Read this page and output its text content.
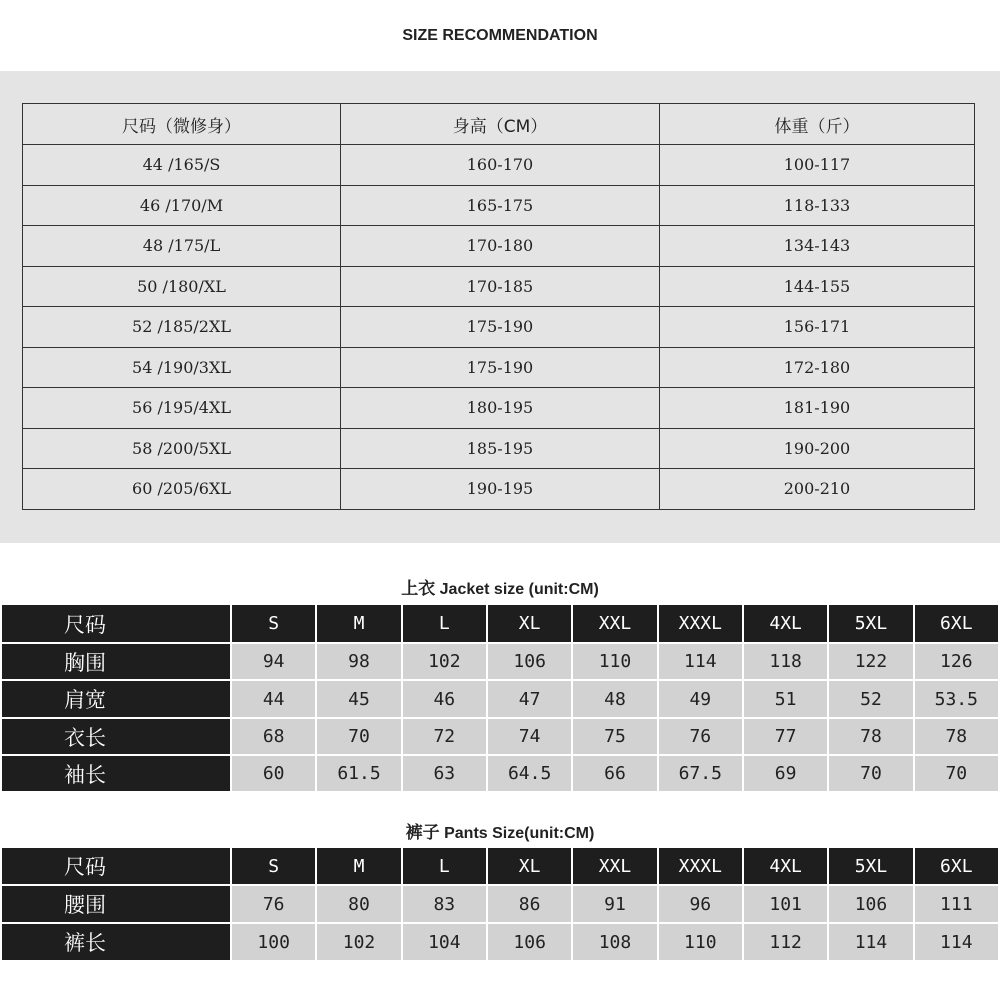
SIZE RECOMMENDATION
尺码（微修身）	身高（CM）	体重（斤）
44 /165/S	160-170	100-117
46 /170/M	165-175	118-133
48 /175/L	170-180	134-143
50 /180/XL	170-185	144-155
52 /185/2XL	175-190	156-171
54 /190/3XL	175-190	172-180
56 /195/4XL	180-195	181-190
58 /200/5XL	185-195	190-200
60 /205/6XL	190-195	200-210
上衣 Jacket size (unit:CM)
尺码	S	M	L	XL	XXL	XXXL	4XL	5XL	6XL
胸围	94	98	102	106	110	114	118	122	126
肩宽	44	45	46	47	48	49	51	52	53.5
衣长	68	70	72	74	75	76	77	78	78
袖长	60	61.5	63	64.5	66	67.5	69	70	70
裤子 Pants Size(unit:CM)
尺码	S	M	L	XL	XXL	XXXL	4XL	5XL	6XL
腰围	76	80	83	86	91	96	101	106	111
裤长	100	102	104	106	108	110	112	114	114
